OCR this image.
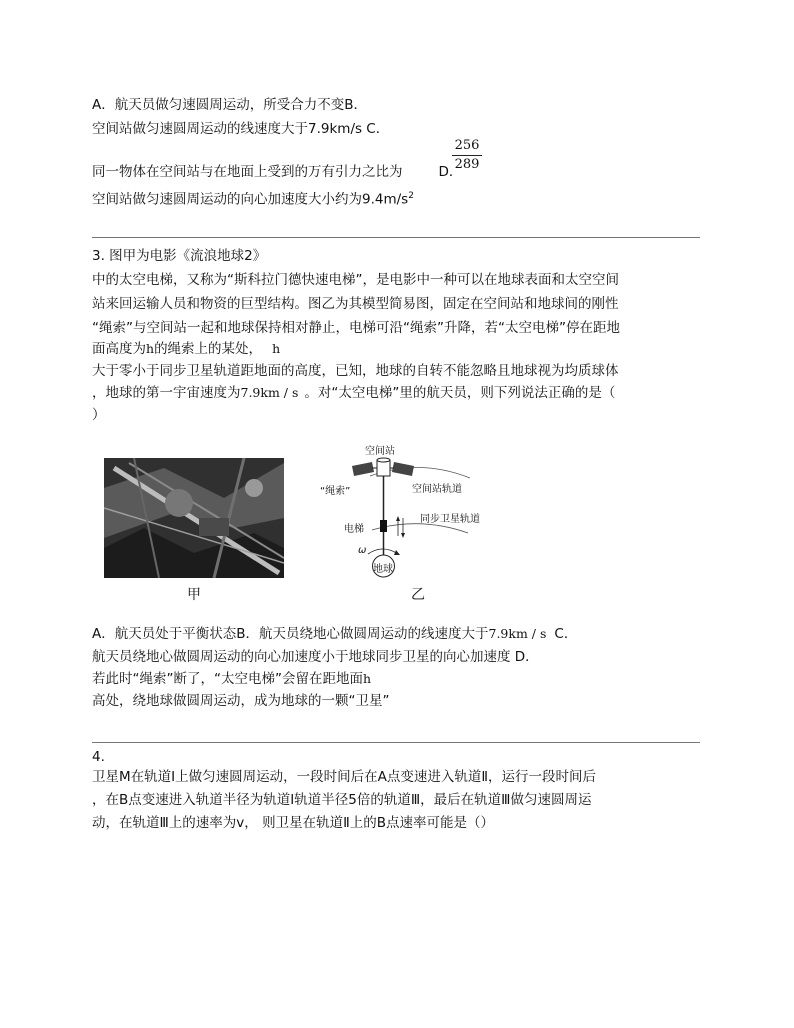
A．航天员做匀速圆周运动，所受合力不变B．
空间站做匀速圆周运动的线速度大于7.9km/s C．
256
289
同一物体在空间站与在地面上受到的万有引力之比为	D．
空间站做匀速圆周运动的向心加速度大小约为$9.4m/s^2$
3. 图甲为电影《流浪地球2》
中的太空电梯，又称为“斯科拉门德快速电梯”，是电影中一种可以在地球表面和太空空间
站来回运输人员和物资的巨型结构。图乙为其模型简易图，固定在空间站和地球间的刚性
“绳索”与空间站一起和地球保持相对静止，电梯可沿“绳索”升降，若“太空电梯”停在距地
面高度为h的绳索上的某处， h
大于零小于同步卫星轨道距地面的高度，已知，地球的自转不能忽略且地球视为均质球体
，地球的第一宇宙速度为7.9km / s 。对“太空电梯”里的航天员，则下列说法正确的是（
）
甲
空间站
“绳索”	空间站轨道
同步卫星轨道
电梯
ω
地球
乙
A．航天员处于平衡状态B．航天员绕地心做圆周运动的线速度大于7.9km / s C．
航天员绕地心做圆周运动的向心加速度小于地球同步卫星的向心加速度 D．
若此时“绳索”断了，“太空电梯”会留在距地面h
高处，绕地球做圆周运动，成为地球的一颗“卫星”
4.
卫星M在轨道Ⅰ上做匀速圆周运动，一段时间后在A点变速进入轨道Ⅱ，运行一段时间后
，在B点变速进入轨道半径为轨道Ⅰ轨道半径5倍的轨道Ⅲ，最后在轨道Ⅲ做匀速圆周运
动，在轨道Ⅲ上的速率为v， 则卫星在轨道Ⅱ上的B点速率可能是（）
